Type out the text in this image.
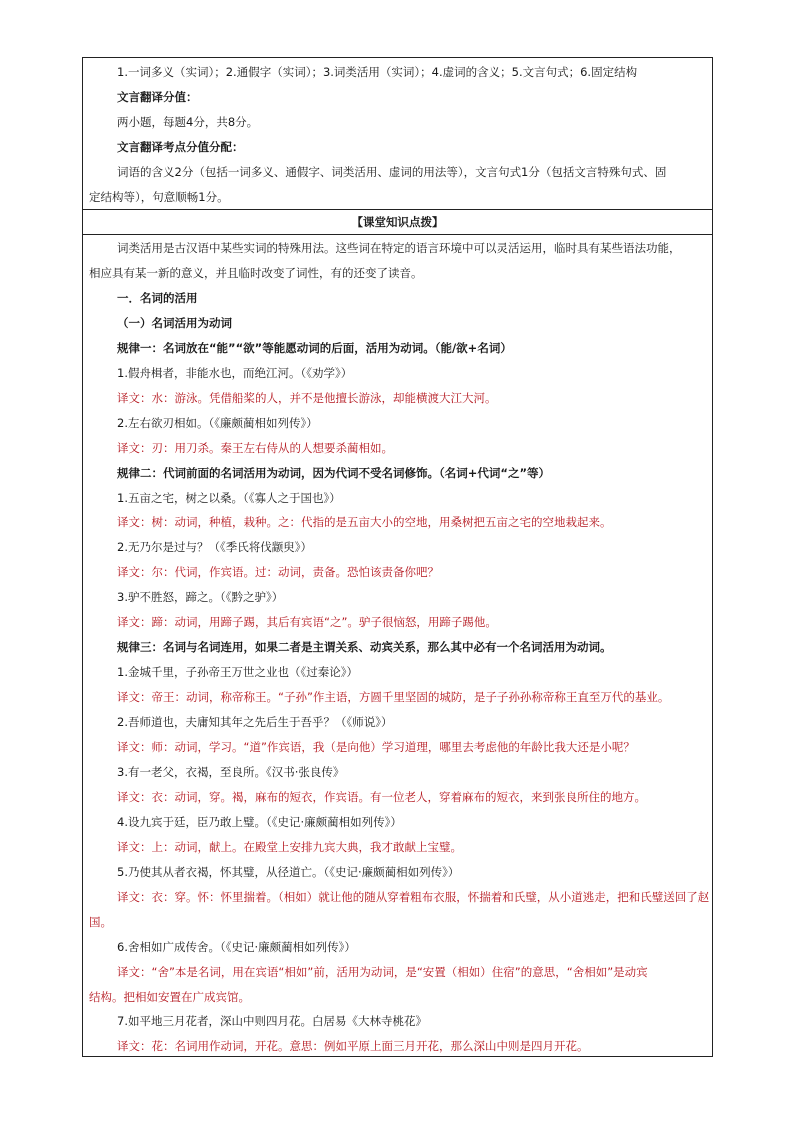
1.一词多义（实词）；2.通假字（实词）；3.词类活用（实词）；4.虚词的含义；5.文言句式；6.固定结构
文言翻译分值：
两小题，每题4分，共8分。
文言翻译考点分值分配：
词语的含义2分（包括一词多义、通假字、词类活用、虚词的用法等），文言句式1分（包括文言特殊句式、固
定结构等），句意顺畅1分。
【课堂知识点拨】
词类活用是古汉语中某些实词的特殊用法。这些词在特定的语言环境中可以灵活运用，临时具有某些语法功能，
相应具有某一新的意义，并且临时改变了词性，有的还变了读音。
一．名词的活用
（一）名词活用为动词
规律一：名词放在“能”“欲”等能愿动词的后面，活用为动词。（能/欲+名词）
1.假舟楫者，非能水也，而绝江河。（《劝学》）
译文：水：游泳。凭借船桨的人，并不是他擅长游泳，却能横渡大江大河。
2.左右欲刃相如。（《廉颇蔺相如列传》）
译文：刃：用刀杀。秦王左右侍从的人想要杀蔺相如。
规律二：代词前面的名词活用为动词，因为代词不受名词修饰。（名词+代词“之”等）
1.五亩之宅，树之以桑。（《寡人之于国也》）
译文：树：动词，种植，栽种。之：代指的是五亩大小的空地，用桑树把五亩之宅的空地栽起来。
2.无乃尔是过与？（《季氏将伐颛臾》）
译文：尔：代词，作宾语。过：动词，责备。恐怕该责备你吧？
3.驴不胜怒，蹄之。（《黔之驴》）
译文：蹄：动词，用蹄子踢，其后有宾语“之”。驴子很恼怒，用蹄子踢他。
规律三：名词与名词连用，如果二者是主谓关系、动宾关系，那么其中必有一个名词活用为动词。
1.金城千里，子孙帝王万世之业也（《过秦论》）
译文：帝王：动词，称帝称王。“子孙”作主语，方圆千里坚固的城防，是子子孙孙称帝称王直至万代的基业。
2.吾师道也，夫庸知其年之先后生于吾乎？（《师说》）
译文：师：动词，学习。“道”作宾语，我（是向他）学习道理，哪里去考虑他的年龄比我大还是小呢？
3.有一老父，衣褐，至良所。《汉书·张良传》
译文：衣：动词，穿。褐，麻布的短衣，作宾语。有一位老人，穿着麻布的短衣，来到张良所住的地方。
4.设九宾于廷，臣乃敢上璧。（《史记·廉颇蔺相如列传》）
译文：上：动词，献上。在殿堂上安排九宾大典，我才敢献上宝璧。
5.乃使其从者衣褐，怀其璧，从径道亡。（《史记·廉颇蔺相如列传》）
译文：衣：穿。怀：怀里揣着。（相如）就让他的随从穿着粗布衣服，怀揣着和氏璧，从小道逃走，把和氏璧送回了赵
国。
6.舍相如广成传舍。（《史记·廉颇蔺相如列传》）
译文：“舍”本是名词，用在宾语“相如”前，活用为动词，是“安置（相如）住宿”的意思，“舍相如”是动宾
结构。把相如安置在广成宾馆。
7.如平地三月花者，深山中则四月花。白居易《大林寺桃花》
译文：花：名词用作动词，开花。意思：例如平原上面三月开花，那么深山中则是四月开花。
